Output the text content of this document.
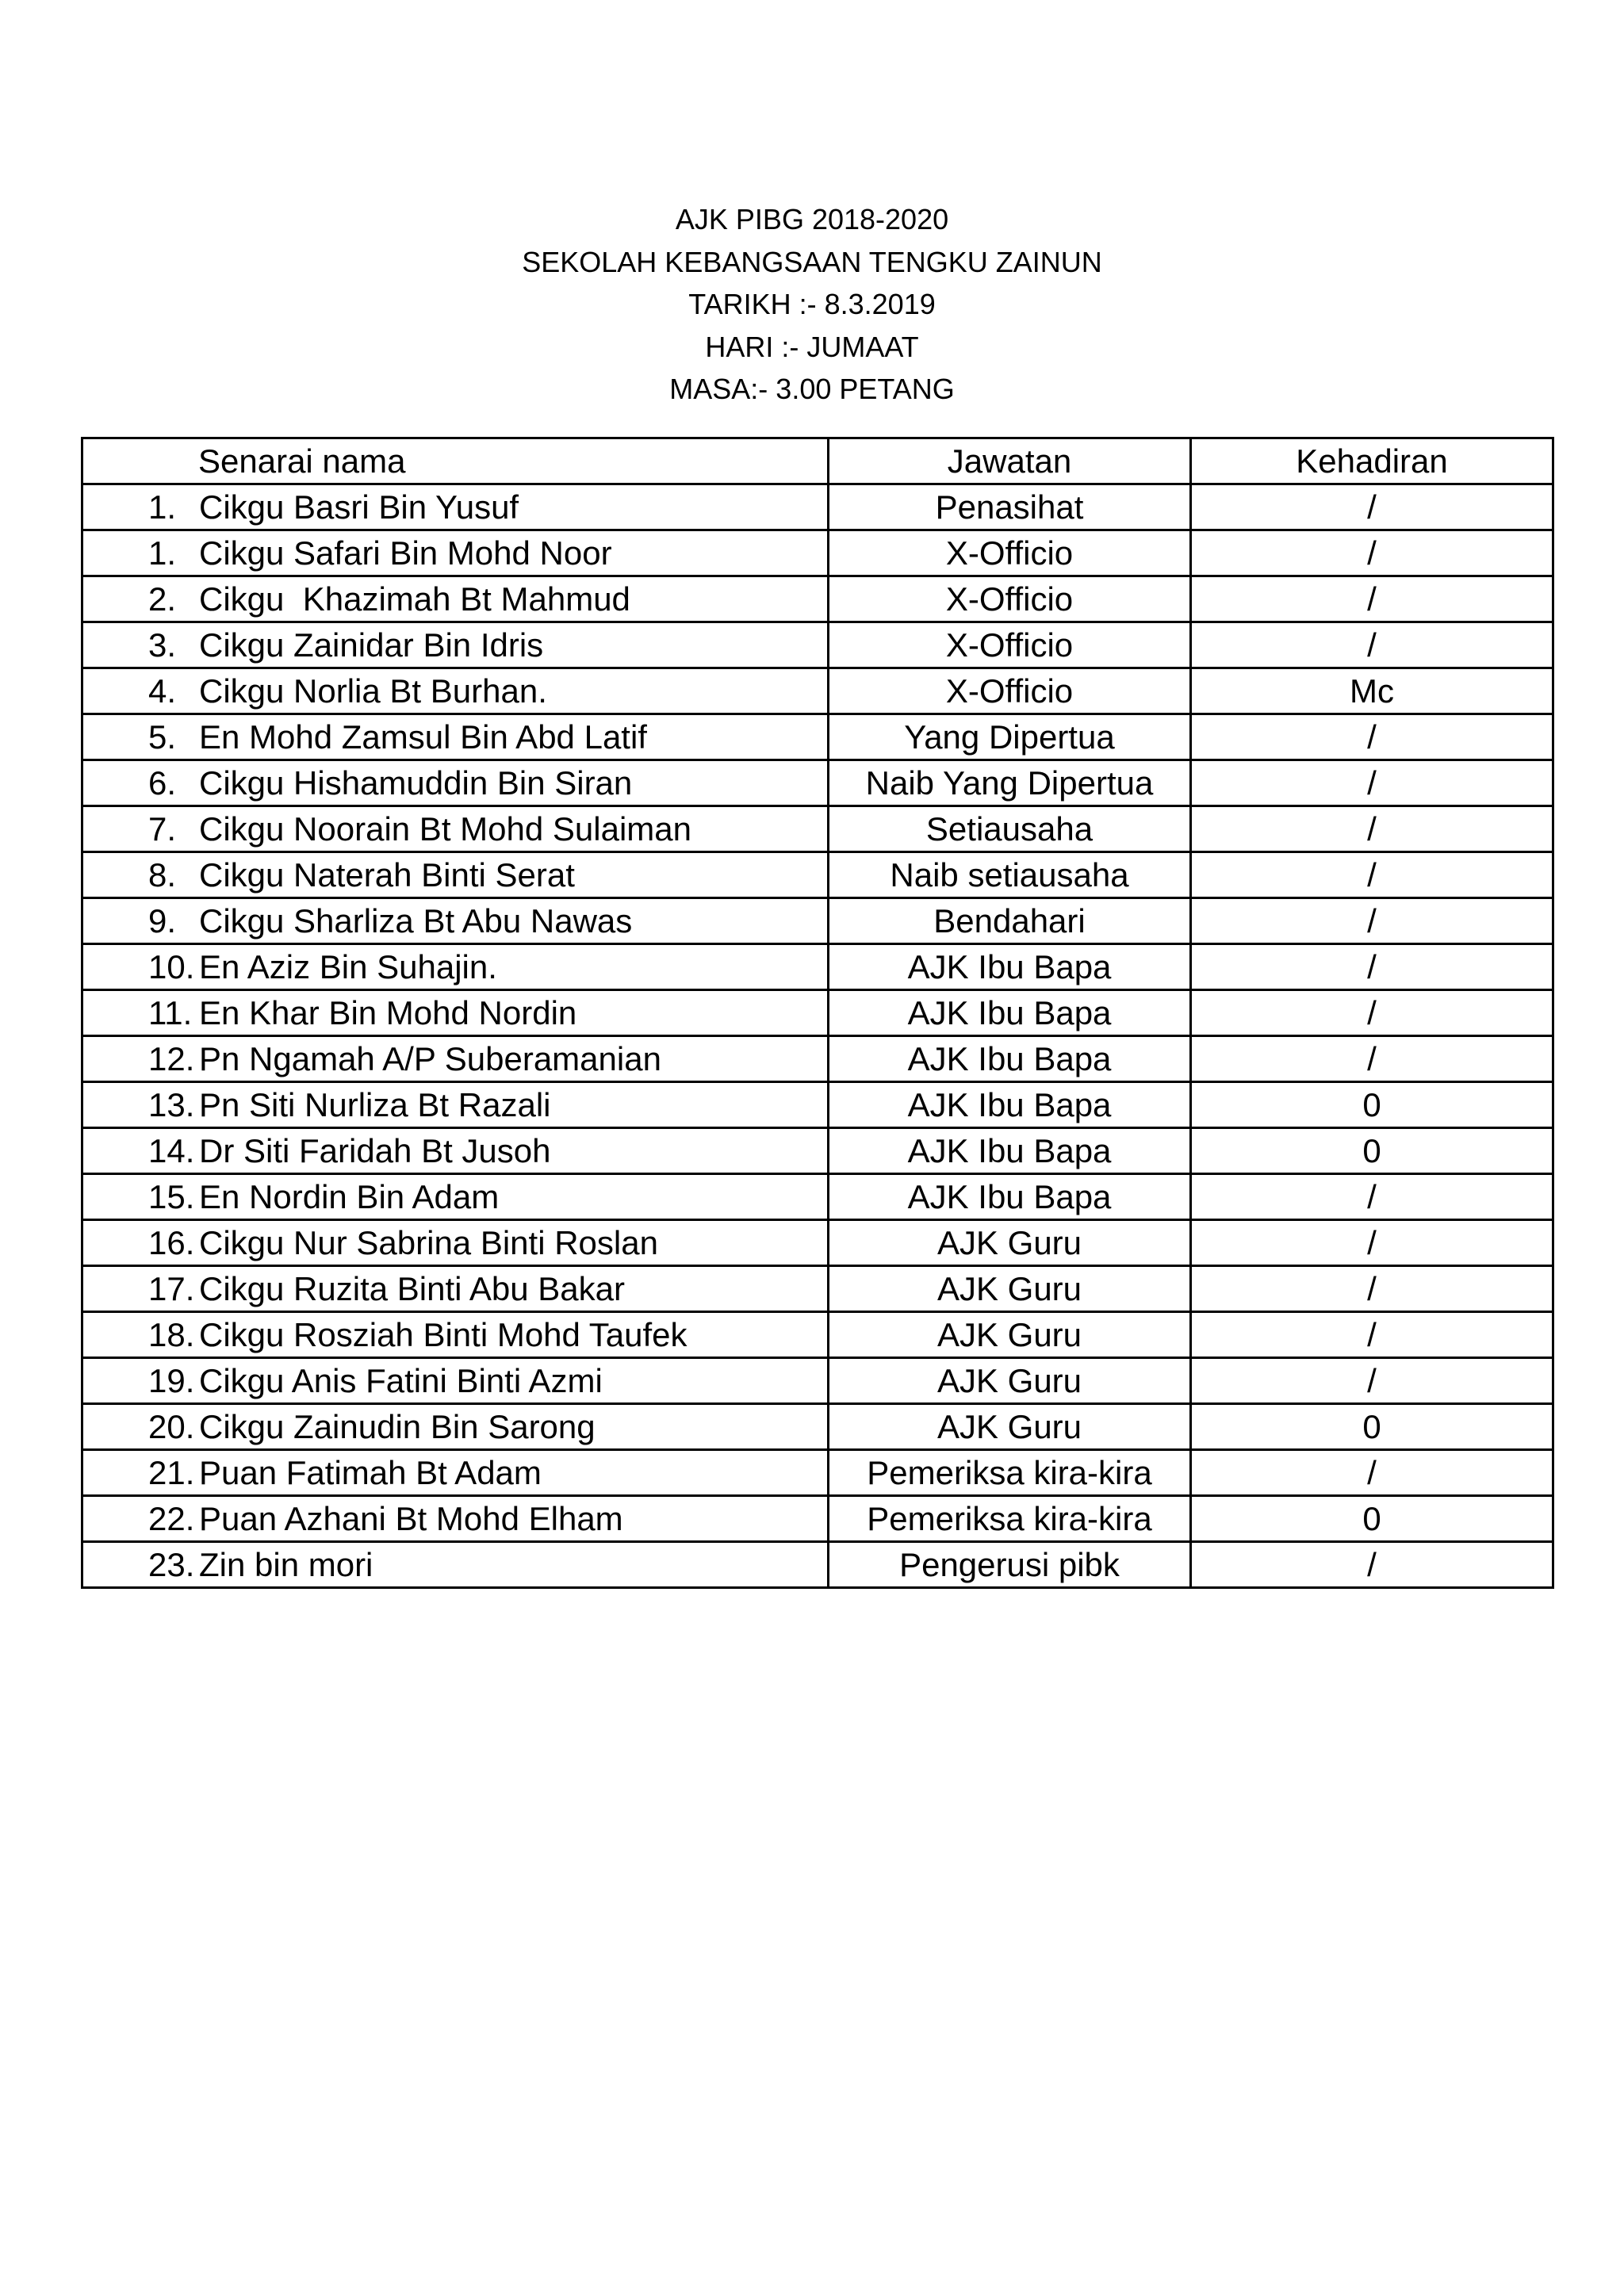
AJK PIBG 2018-2020
SEKOLAH KEBANGSAAN TENGKU ZAINUN
TARIKH :- 8.3.2019
HARI :- JUMAAT
MASA:- 3.00 PETANG
Senarai nama	Jawatan	Kehadiran
1. Cikgu Basri Bin Yusuf	Penasihat	/
1. Cikgu Safari Bin Mohd Noor	X-Officio	/
2. Cikgu  Khazimah Bt Mahmud	X-Officio	/
3. Cikgu Zainidar Bin Idris	X-Officio	/
4. Cikgu Norlia Bt Burhan.	X-Officio	Mc
5. En Mohd Zamsul Bin Abd Latif	Yang Dipertua	/
6. Cikgu Hishamuddin Bin Siran	Naib Yang Dipertua	/
7. Cikgu Noorain Bt Mohd Sulaiman	Setiausaha	/
8. Cikgu Naterah Binti Serat	Naib setiausaha	/
9. Cikgu Sharliza Bt Abu Nawas	Bendahari	/
10. En Aziz Bin Suhajin.	AJK Ibu Bapa	/
11. En Khar Bin Mohd Nordin	AJK Ibu Bapa	/
12. Pn Ngamah A/P Suberamanian	AJK Ibu Bapa	/
13. Pn Siti Nurliza Bt Razali	AJK Ibu Bapa	0
14. Dr Siti Faridah Bt Jusoh	AJK Ibu Bapa	0
15. En Nordin Bin Adam	AJK Ibu Bapa	/
16. Cikgu Nur Sabrina Binti Roslan	AJK Guru	/
17. Cikgu Ruzita Binti Abu Bakar	AJK Guru	/
18. Cikgu Rosziah Binti Mohd Taufek	AJK Guru	/
19. Cikgu Anis Fatini Binti Azmi	AJK Guru	/
20. Cikgu Zainudin Bin Sarong	AJK Guru	0
21. Puan Fatimah Bt Adam	Pemeriksa kira-kira	/
22. Puan Azhani Bt Mohd Elham	Pemeriksa kira-kira	0
23. Zin bin mori	Pengerusi pibk	/
